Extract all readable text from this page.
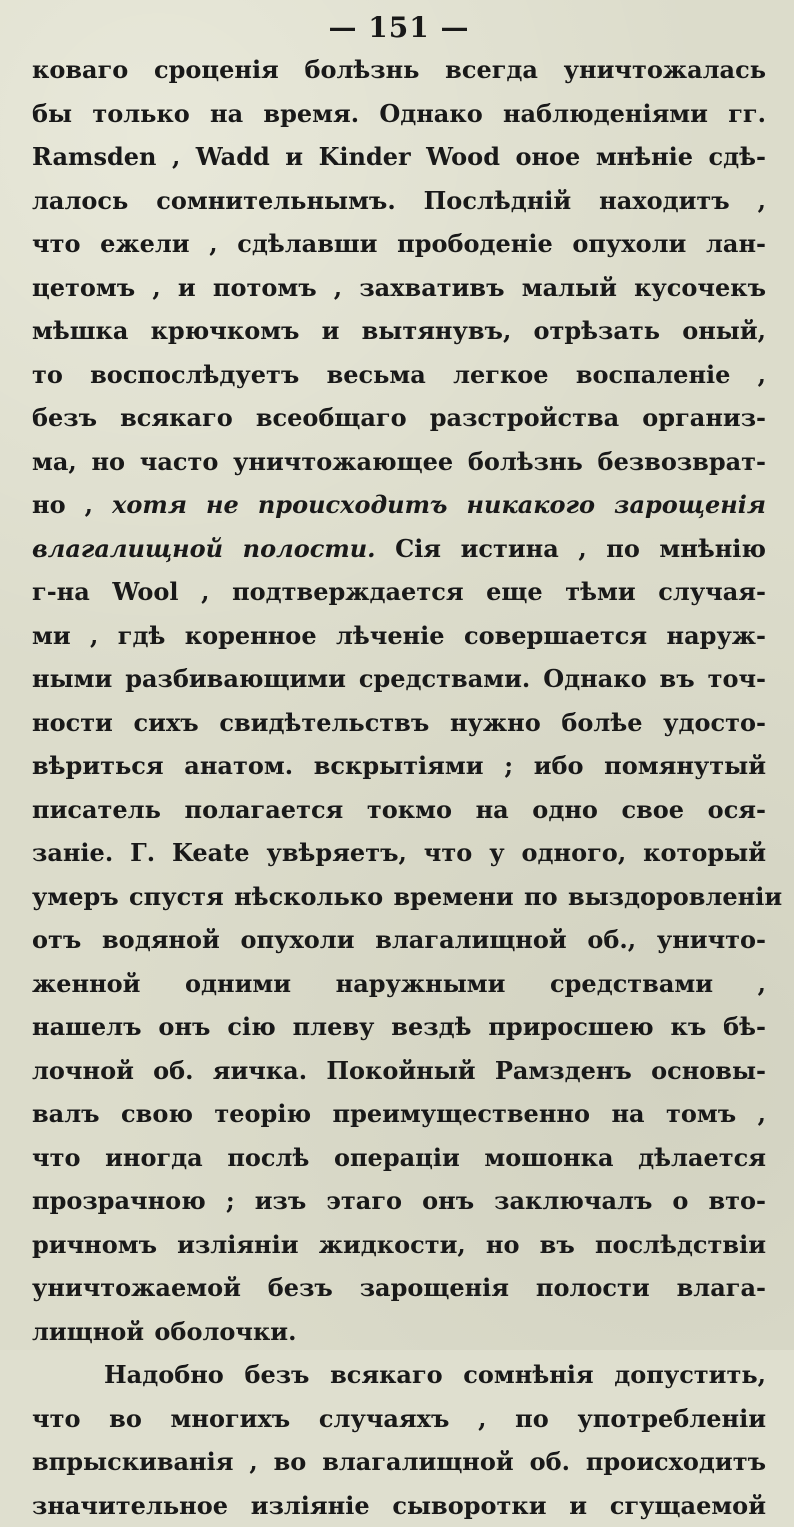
— 151 —
коваго сроценія болѣзнь всегда уничтожалась
бы только на время. Однако наблюденіями гг.
Ramsden , Wadd и Kinder Wood оное мнѣніе сдѣ-
лалось сомнительнымъ. Послѣдній находитъ ,
что ежели , сдѣлавши прободеніе опухоли лан-
цетомъ , и потомъ , захвативъ малый кусочекъ
мѣшка крючкомъ и вытянувъ, отрѣзать оный,
то воспослѣдуетъ весьма легкое воспаленіе ,
безъ всякаго всеобщаго разстройства организ-
ма, но часто уничтожающее болѣзнь безвозврат-
но , хотя не происходитъ никакого зарощенія
влагалищной полости. Сія истина , по мнѣнію
г-на Wool , подтверждается еще тѣми случая-
ми , гдѣ коренное лѣченіе совершается наруж-
ными разбивающими средствами. Однако въ точ-
ности сихъ свидѣтельствъ нужно болѣе удосто-
вѣриться анатом. вскрытіями ; ибо помянутый
писатель полагается токмо на одно свое ося-
заніе. Г. Keate увѣряетъ, что у одного, который
умеръ спустя нѣсколько времени по выздоровленіи
отъ водяной опухоли влагалищной об., уничто-
женной одними наружными средствами ,
нашелъ онъ сію плеву вездѣ приросшею къ бѣ-
лочной об. яичка. Покойный Рамзденъ основы-
валъ свою теорію преимущественно на томъ ,
что иногда послѣ операціи мошонка дѣлается
прозрачною ; изъ этаго онъ заключалъ о вто-
ричномъ изліяніи жидкости, но въ послѣдствіи
уничтожаемой безъ зарощенія полости влага-
лищной оболочки.
Надобно безъ всякаго сомнѣнія допустить,
что во многихъ случаяхъ , по употребленіи
впрыскиванія , во влагалищной об. происходитъ
значительное изліяніе сыворотки и сгущаемой
